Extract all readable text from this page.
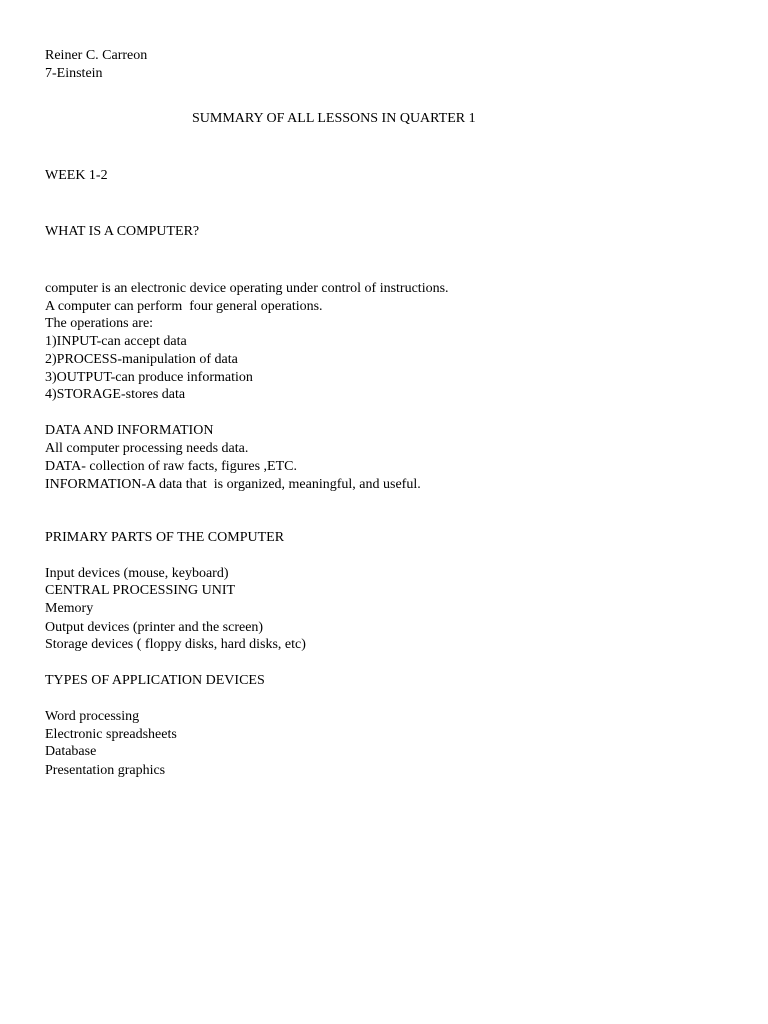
Reiner C. Carreon
7-Einstein
SUMMARY OF ALL LESSONS IN QUARTER 1
WEEK 1-2
WHAT IS A COMPUTER?
computer is an electronic device operating under control of instructions.
A computer can perform  four general operations.
The operations are:
1)INPUT-can accept data
2)PROCESS-manipulation of data
3)OUTPUT-can produce information
4)STORAGE-stores data
DATA AND INFORMATION
All computer processing needs data.
DATA- collection of raw facts, figures ,ETC.
INFORMATION-A data that  is organized, meaningful, and useful.
PRIMARY PARTS OF THE COMPUTER
Input devices (mouse, keyboard)
CENTRAL PROCESSING UNIT
Memory
Output devices (printer and the screen)
Storage devices ( floppy disks, hard disks, etc)
TYPES OF APPLICATION DEVICES
Word processing
Electronic spreadsheets
Database
Presentation graphics
